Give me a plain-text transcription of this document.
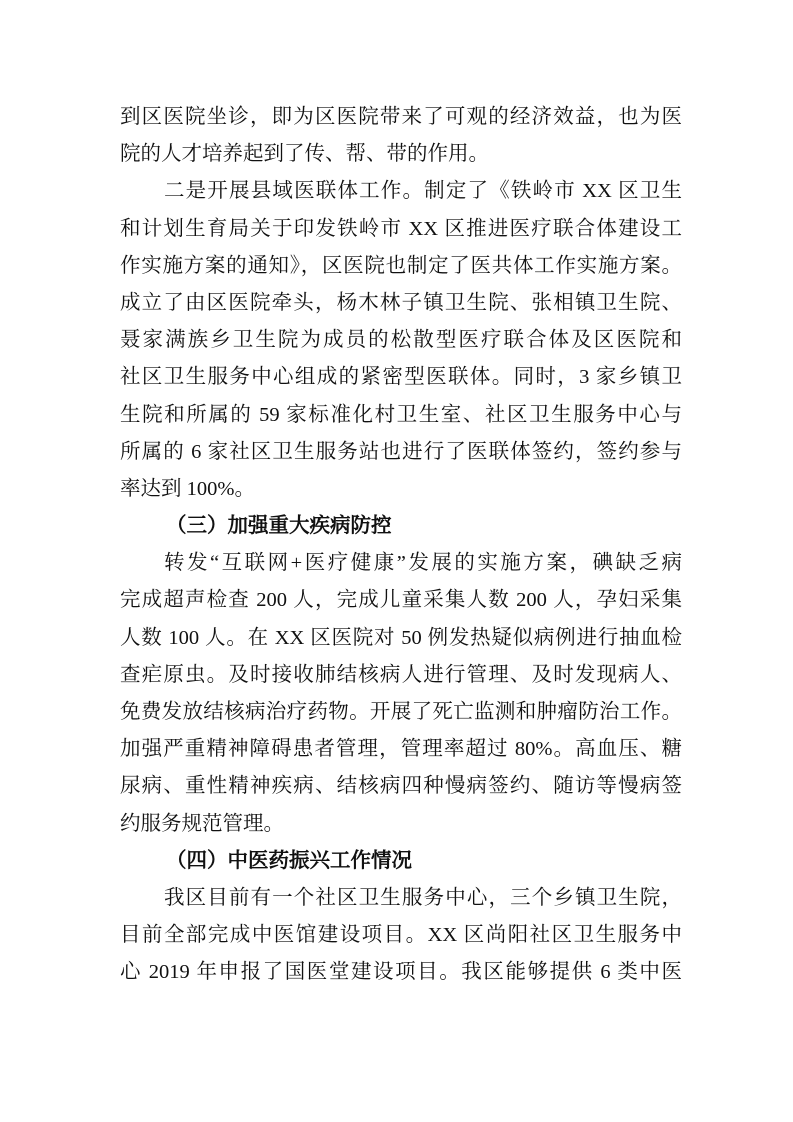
到区医院坐诊，即为区医院带来了可观的经济效益，也为医
院的人才培养起到了传、帮、带的作用。
二是开展县域医联体工作。制定了《铁岭市 XX 区卫生
和计划生育局关于印发铁岭市 XX 区推进医疗联合体建设工
作实施方案的通知》，区医院也制定了医共体工作实施方案。
成立了由区医院牵头，杨木林子镇卫生院、张相镇卫生院、
聂家满族乡卫生院为成员的松散型医疗联合体及区医院和
社区卫生服务中心组成的紧密型医联体。同时，3 家乡镇卫
生院和所属的 59 家标准化村卫生室、社区卫生服务中心与
所属的 6 家社区卫生服务站也进行了医联体签约，签约参与
率达到 100%。
（三）加强重大疾病防控
转发“互联网+医疗健康”发展的实施方案，碘缺乏病
完成超声检查 200 人，完成儿童采集人数 200 人，孕妇采集
人数 100 人。在 XX 区医院对 50 例发热疑似病例进行抽血检
查疟原虫。及时接收肺结核病人进行管理、及时发现病人、
免费发放结核病治疗药物。开展了死亡监测和肿瘤防治工作。
加强严重精神障碍患者管理，管理率超过 80%。高血压、糖
尿病、重性精神疾病、结核病四种慢病签约、随访等慢病签
约服务规范管理。
（四）中医药振兴工作情况
我区目前有一个社区卫生服务中心，三个乡镇卫生院，
目前全部完成中医馆建设项目。XX 区尚阳社区卫生服务中
心 2019 年申报了国医堂建设项目。我区能够提供 6 类中医
